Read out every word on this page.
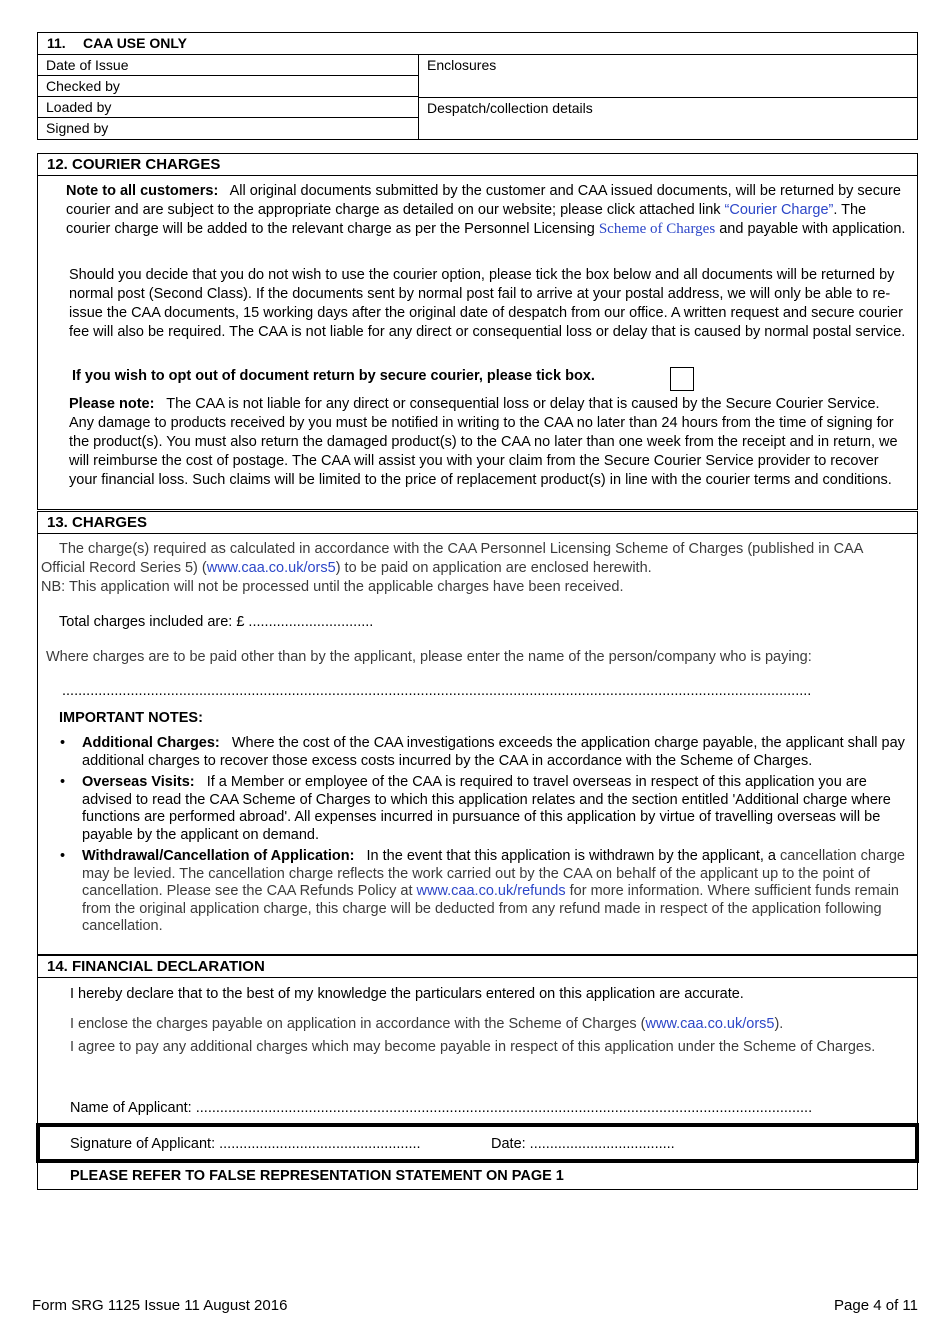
11. CAA USE ONLY
Date of Issue
Checked by
Loaded by
Signed by
Enclosures
Despatch/collection details
12. COURIER CHARGES

Note to all customers: All original documents submitted by the customer and CAA issued documents, will be returned by secure courier and are subject to the appropriate charge as detailed on our website; please click attached link “Courier Charge”. The courier charge will be added to the relevant charge as per the Personnel Licensing Scheme of Charges and payable with application.

Should you decide that you do not wish to use the courier option, please tick the box below and all documents will be returned by normal post (Second Class). If the documents sent by normal post fail to arrive at your postal address, we will only be able to re-issue the CAA documents, 15 working days after the original date of despatch from our office. A written request and secure courier fee will also be required. The CAA is not liable for any direct or consequential loss or delay that is caused by normal postal service.

If you wish to opt out of document return by secure courier, please tick box.

Please note: The CAA is not liable for any direct or consequential loss or delay that is caused by the Secure Courier Service. Any damage to products received by you must be notified in writing to the CAA no later than 24 hours from the time of signing for the product(s). You must also return the damaged product(s) to the CAA no later than one week from the receipt and in return, we will reimburse the cost of postage. The CAA will assist you with your claim from the Secure Courier Service provider to recover your financial loss. Such claims will be limited to the price of replacement product(s) in line with the courier terms and conditions.

13. CHARGES

The charge(s) required as calculated in accordance with the CAA Personnel Licensing Scheme of Charges (published in CAA Official Record Series 5) (www.caa.co.uk/ors5) to be paid on application are enclosed herewith.

NB: This application will not be processed until the applicable charges have been received.

Total charges included are: £ ...............................

Where charges are to be paid other than by the applicant, please enter the name of the person/company who is paying:

..........................................................................................................................................................................................

IMPORTANT NOTES:

• Additional Charges: Where the cost of the CAA investigations exceeds the application charge payable, the applicant shall pay additional charges to recover those excess costs incurred by the CAA in accordance with the Scheme of Charges.
• Overseas Visits: If a Member or employee of the CAA is required to travel overseas in respect of this application you are advised to read the CAA Scheme of Charges to which this application relates and the section entitled 'Additional charge where functions are performed abroad'. All expenses incurred in pursuance of this application by virtue of travelling overseas will be payable by the applicant on demand.
• Withdrawal/Cancellation of Application: In the event that this application is withdrawn by the applicant, a cancellation charge may be levied. The cancellation charge reflects the work carried out by the CAA on behalf of the applicant up to the point of cancellation. Please see the CAA Refunds Policy at www.caa.co.uk/refunds for more information. Where sufficient funds remain from the original application charge, this charge will be deducted from any refund made in respect of the application following cancellation.
14. FINANCIAL DECLARATION

I hereby declare that to the best of my knowledge the particulars entered on this application are accurate.

I enclose the charges payable on application in accordance with the Scheme of Charges (www.caa.co.uk/ors5).

I agree to pay any additional charges which may become payable in respect of this application under the Scheme of Charges.

Name of Applicant: .........................................................................................................................................................

Signature of Applicant: ..................................................	Date: ....................................

PLEASE REFER TO FALSE REPRESENTATION STATEMENT ON PAGE 1

Form SRG 1125 Issue 11 August 2016	Page 4 of 11
